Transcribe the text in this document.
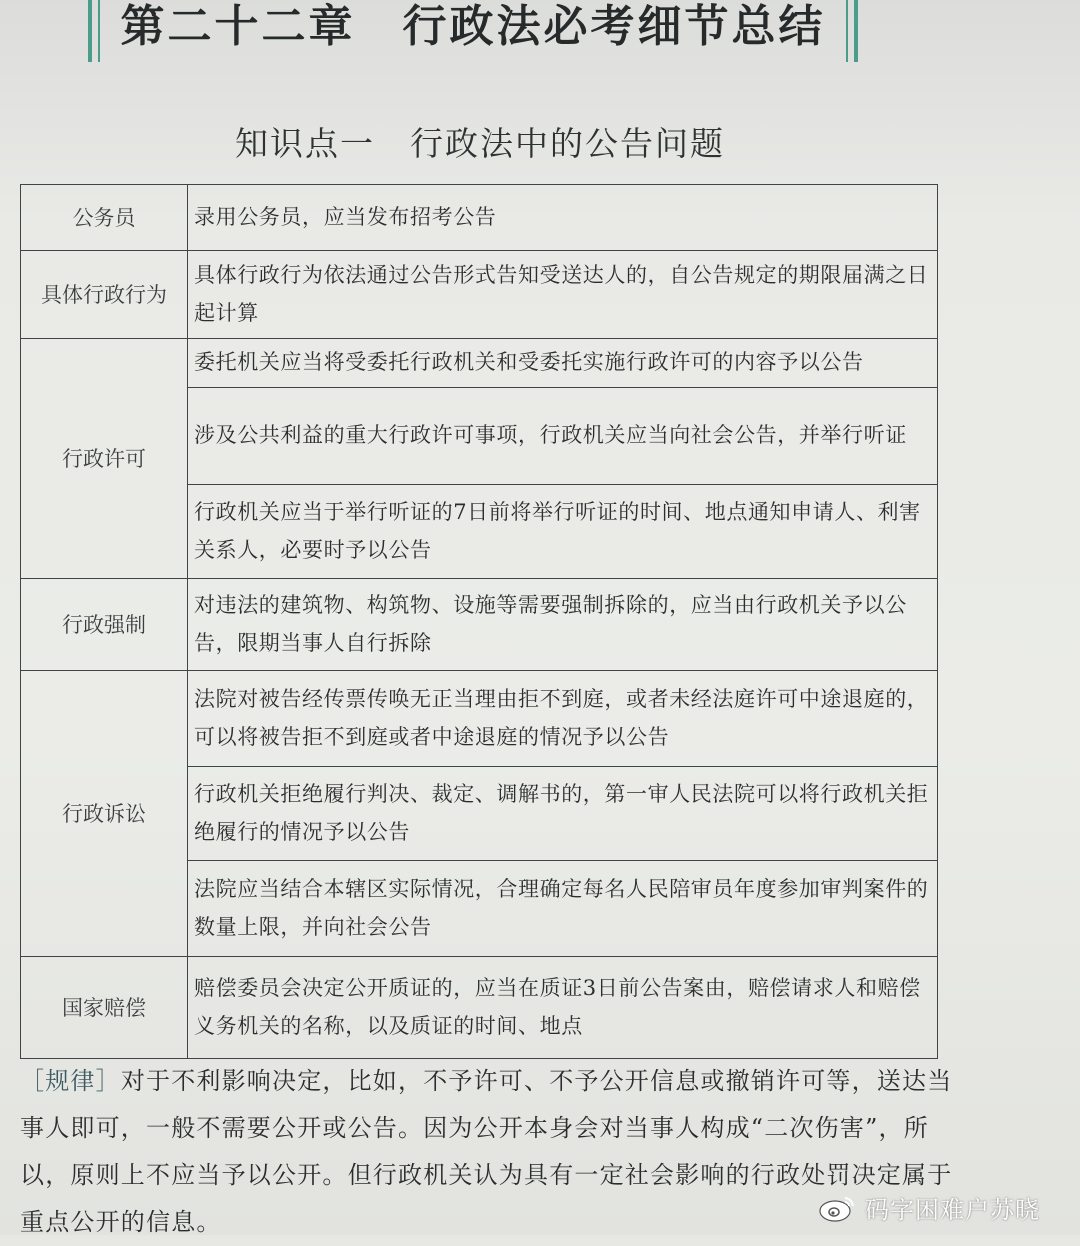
第二十二章　行政法必考细节总结
知识点一　行政法中的公告问题
公务员	录用公务员，应当发布招考公告
具体行政行为	具体行政行为依法通过公告形式告知受送达人的，自公告规定的期限届满之日起计算
行政许可	委托机关应当将受委托行政机关和受委托实施行政许可的内容予以公告
	涉及公共利益的重大行政许可事项，行政机关应当向社会公告，并举行听证
	行政机关应当于举行听证的7日前将举行听证的时间、地点通知申请人、利害关系人，必要时予以公告
行政强制	对违法的建筑物、构筑物、设施等需要强制拆除的，应当由行政机关予以公告，限期当事人自行拆除
行政诉讼	法院对被告经传票传唤无正当理由拒不到庭，或者未经法庭许可中途退庭的，可以将被告拒不到庭或者中途退庭的情况予以公告
	行政机关拒绝履行判决、裁定、调解书的，第一审人民法院可以将行政机关拒绝履行的情况予以公告
	法院应当结合本辖区实际情况，合理确定每名人民陪审员年度参加审判案件的数量上限，并向社会公告
国家赔偿	赔偿委员会决定公开质证的，应当在质证3日前公告案由，赔偿请求人和赔偿义务机关的名称，以及质证的时间、地点
［规律］对于不利影响决定，比如，不予许可、不予公开信息或撤销许可等，送达当事人即可，一般不需要公开或公告。因为公开本身会对当事人构成“二次伤害”，所以，原则上不应当予以公开。但行政机关认为具有一定社会影响的行政处罚决定属于重点公开的信息。	码字困难户苏晓
